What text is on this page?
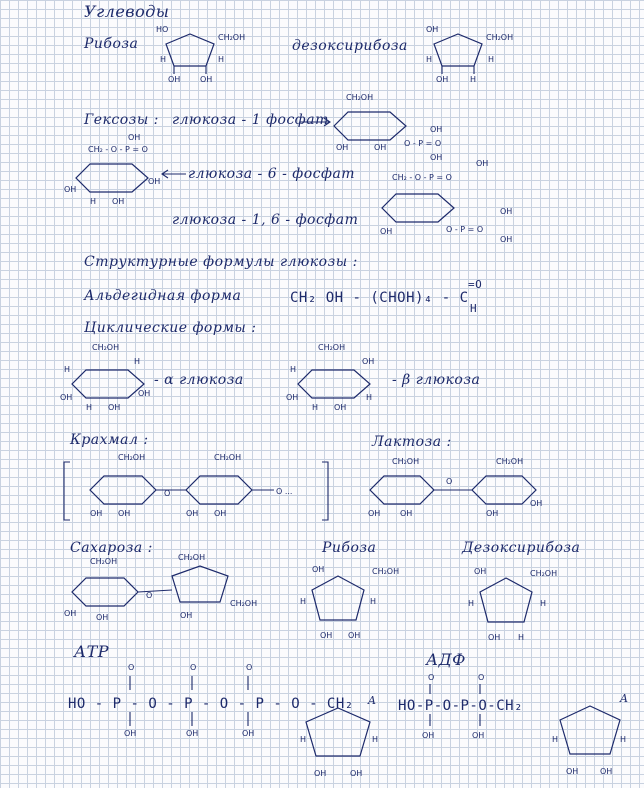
Углеводы
Рибоза	дезоксирибоза
Гексозы : глюкоза - 1 фосфат
глюкоза - 6 - фосфат
глюкоза - 1, 6 - фосфат
Структурные формулы глюкозы :
Альдегидная форма	CH₂ OH - (CHOH)₄ - C
=O
H
Циклические формы :
- α глюкоза	- β глюкоза
Крахмал :	Лактоза :
Сахароза :	Рибоза	Дезоксирибоза
АТР	АДФ
HO - P - O - P - O - P - O - CH₂	HO-P-O-P-O-CH₂
A	A
HO
CH₂OH
H	H
OH OH
OH
CH₂OH
H	H
OH	H
CH₂OH
OH	OH O - P = O
OH
OH
CH₂ - O - P = O
OH
OH
H OH
OH	CH₂ - O - P = O
OH
O - P = O
OH
OH
OH
CH₂OH
H
H
OH
H OH
OH
CH₂OH
H
OH
OH
H OH
H
CH₂OH	CH₂OH
O	O ...
OH OH	OH OH
CH₂OH	CH₂OH
O
OH OH	OH
OH
CH₂OH	CH₂OH
O
CH₂OH
OH OH	OH
OH	CH₂OH
H	H
OH OH
OH	CH₂OH
H	H
OH H
O	O	O
OH	OH	OH
H	H
OH	OH
O	O
OH	OH	H	H
OH	OH
